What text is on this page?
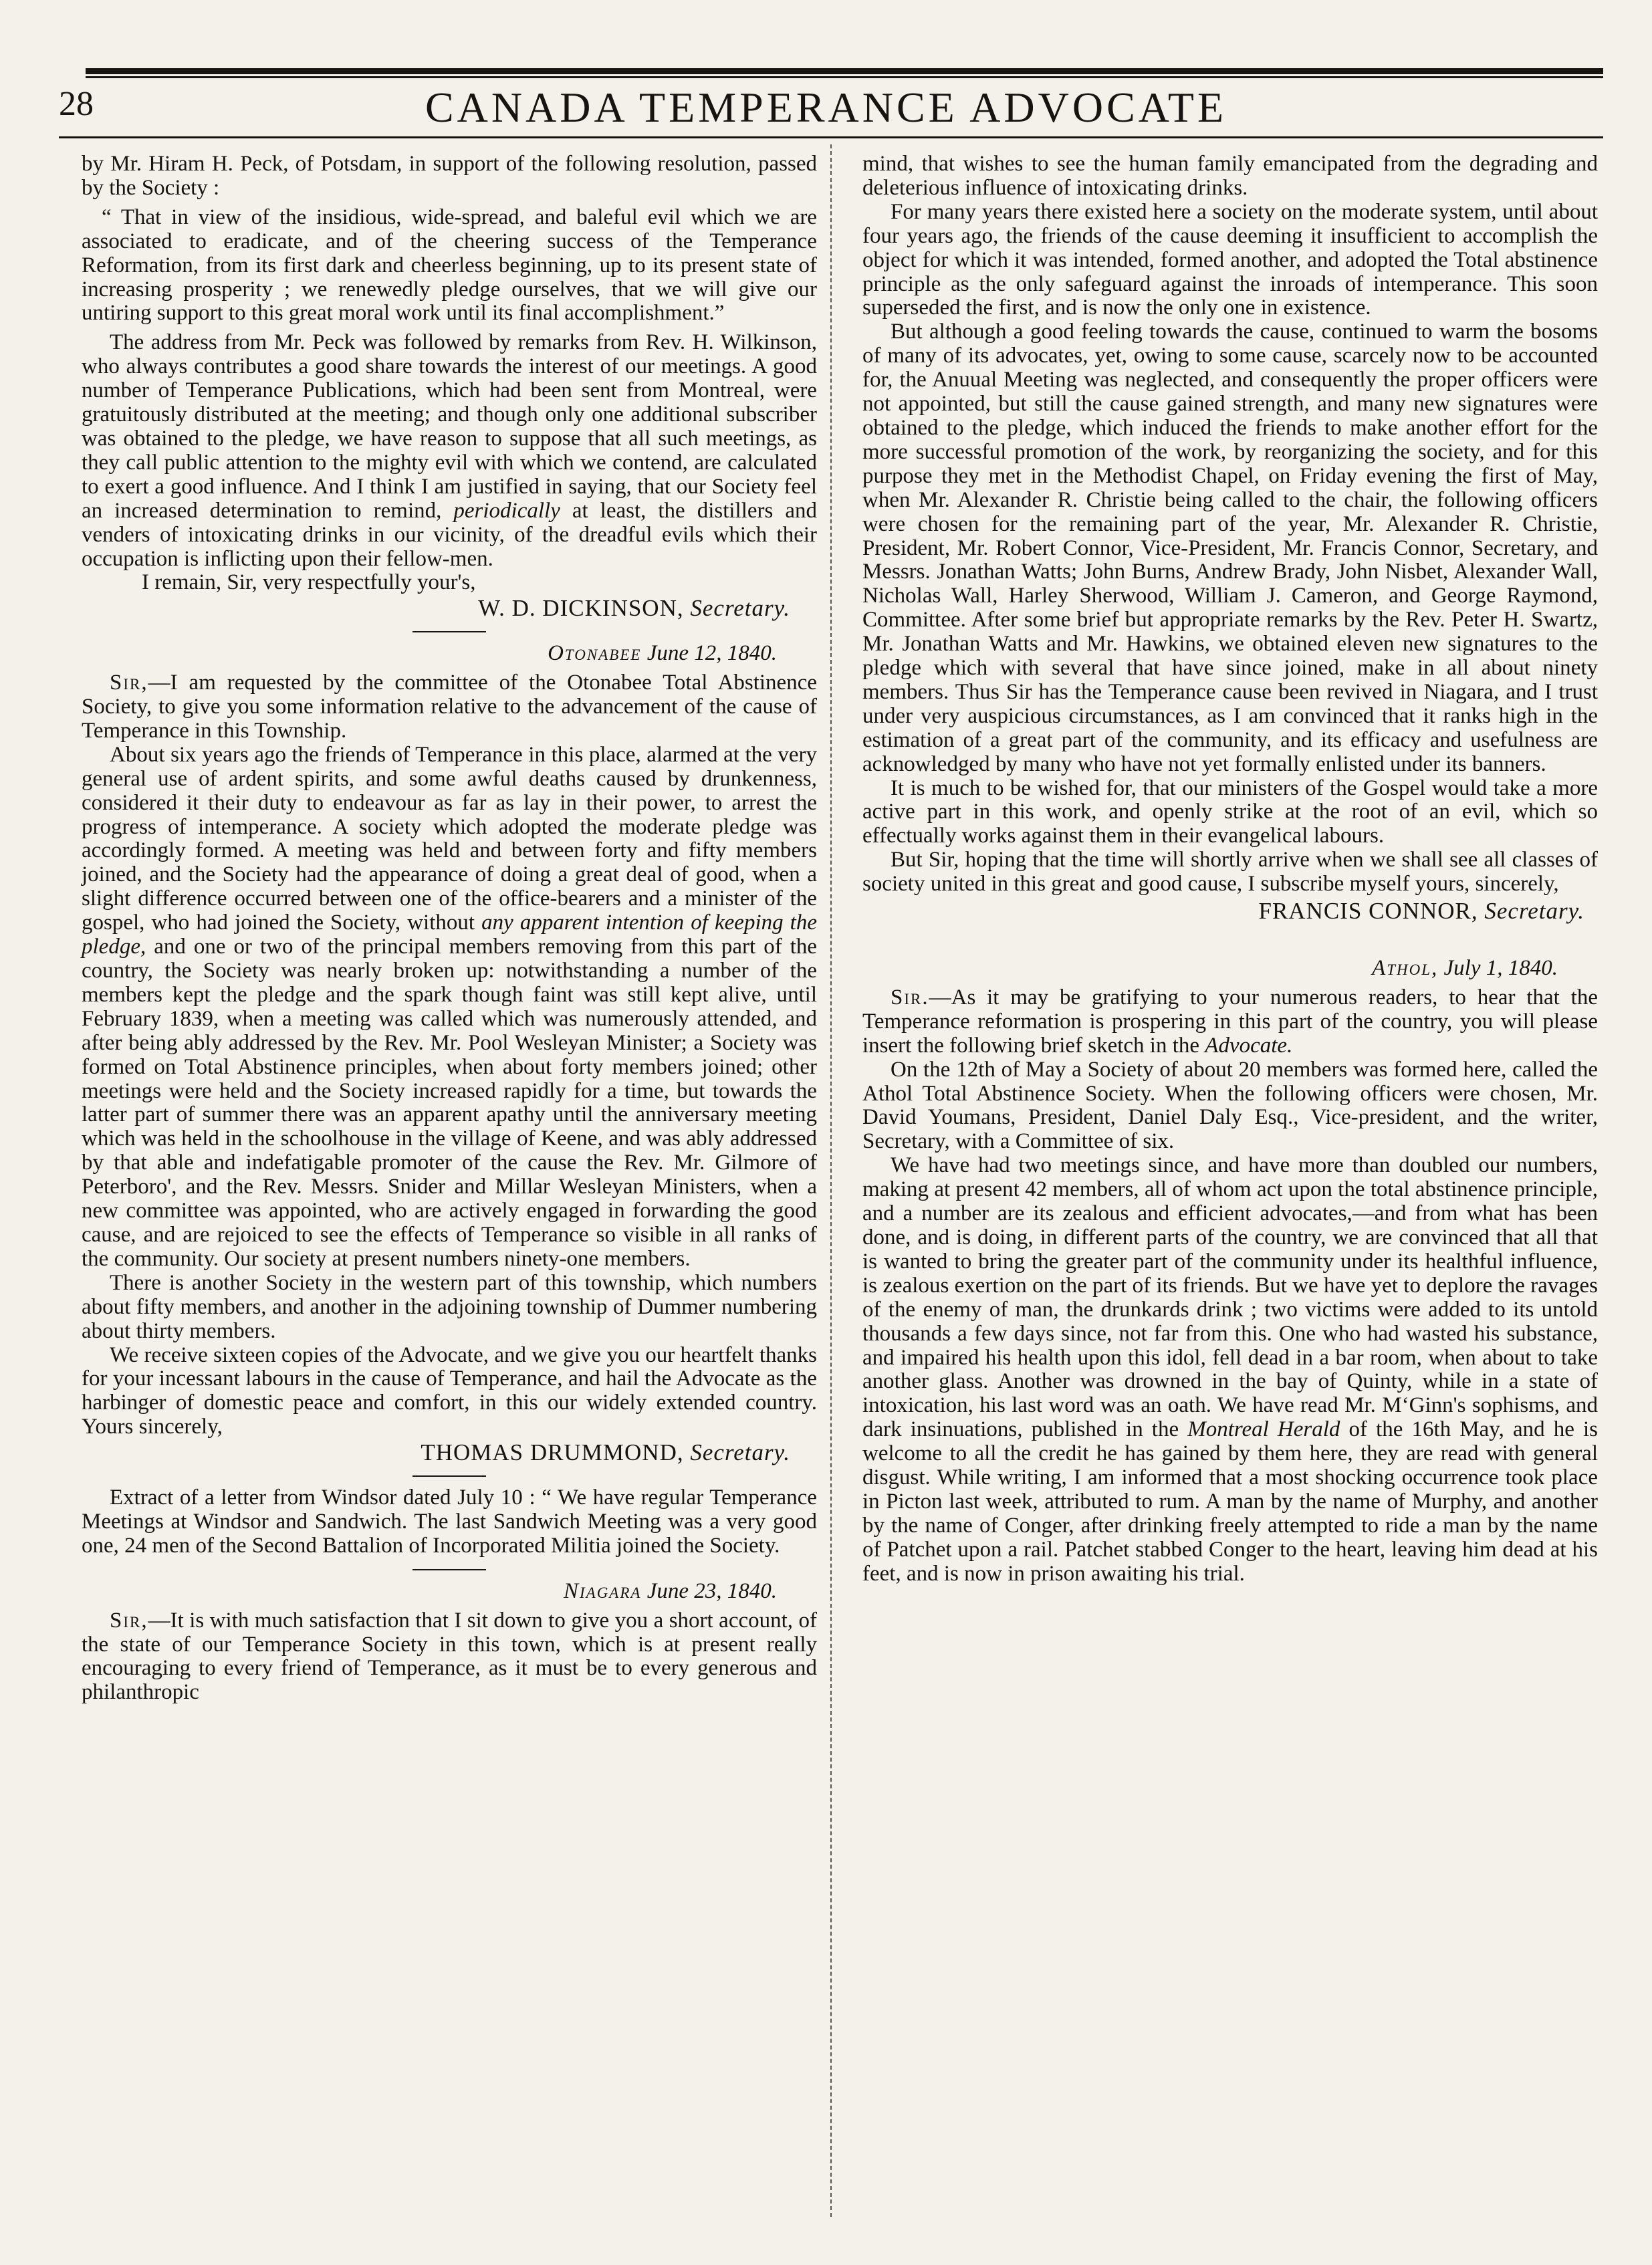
28	CANADA TEMPERANCE ADVOCATE

by Mr. Hiram H. Peck, of Potsdam, in support of the following resolution, passed by the Society :

“ That in view of the insidious, wide-spread, and baleful evil which we are associated to eradicate, and of the cheering success of the Temperance Reformation, from its first dark and cheerless beginning, up to its present state of increasing prosperity ; we renewedly pledge ourselves, that we will give our untiring support to this great moral work until its final accomplishment.”

The address from Mr. Peck was followed by remarks from Rev. H. Wilkinson, who always contributes a good share towards the interest of our meetings. A good number of Temperance Publications, which had been sent from Montreal, were gratuitously distributed at the meeting; and though only one additional subscriber was obtained to the pledge, we have reason to suppose that all such meetings, as they call public attention to the mighty evil with which we contend, are calculated to exert a good influence. And I think I am justified in saying, that our Society feel an increased determination to remind, periodically at least, the distillers and venders of intoxicating drinks in our vicinity, of the dreadful evils which their occupation is inflicting upon their fellow-men.

I remain, Sir, very respectfully your's,

W. D. DICKINSON, Secretary.
Otonabee June 12, 1840.

Sir,—I am requested by the committee of the Otonabee Total Abstinence Society, to give you some information relative to the advancement of the cause of Temperance in this Township.

About six years ago the friends of Temperance in this place, alarmed at the very general use of ardent spirits, and some awful deaths caused by drunkenness, considered it their duty to endeavour as far as lay in their power, to arrest the progress of intemperance. A society which adopted the moderate pledge was accordingly formed. A meeting was held and between forty and fifty members joined, and the Society had the appearance of doing a great deal of good, when a slight difference occurred between one of the office-bearers and a minister of the gospel, who had joined the Society, without any apparent intention of keeping the pledge, and one or two of the principal members removing from this part of the country, the Society was nearly broken up: notwithstanding a number of the members kept the pledge and the spark though faint was still kept alive, until February 1839, when a meeting was called which was numerously attended, and after being ably addressed by the Rev. Mr. Pool Wesleyan Minister; a Society was formed on Total Abstinence principles, when about forty members joined; other meetings were held and the Society increased rapidly for a time, but towards the latter part of summer there was an apparent apathy until the anniversary meeting which was held in the schoolhouse in the village of Keene, and was ably addressed by that able and indefatigable promoter of the cause the Rev. Mr. Gilmore of Peterboro', and the Rev. Messrs. Snider and Millar Wesleyan Ministers, when a new committee was appointed, who are actively engaged in forwarding the good cause, and are rejoiced to see the effects of Temperance so visible in all ranks of the community. Our society at present numbers ninety-one members.

There is another Society in the western part of this township, which numbers about fifty members, and another in the adjoining township of Dummer numbering about thirty members.

We receive sixteen copies of the Advocate, and we give you our heartfelt thanks for your incessant labours in the cause of Temperance, and hail the Advocate as the harbinger of domestic peace and comfort, in this our widely extended country. Yours sincerely,

THOMAS DRUMMOND, Secretary.

Extract of a letter from Windsor dated July 10 : “ We have regular Temperance Meetings at Windsor and Sandwich. The last Sandwich Meeting was a very good one, 24 men of the Second Battalion of Incorporated Militia joined the Society.

Niagara June 23, 1840.

Sir,—It is with much satisfaction that I sit down to give you a short account, of the state of our Temperance Society in this town, which is at present really encouraging to every friend of Temperance, as it must be to every generous and philanthropic

mind, that wishes to see the human family emancipated from the degrading and deleterious influence of intoxicating drinks.

For many years there existed here a society on the moderate system, until about four years ago, the friends of the cause deeming it insufficient to accomplish the object for which it was intended, formed another, and adopted the Total abstinence principle as the only safeguard against the inroads of intemperance. This soon superseded the first, and is now the only one in existence.

But although a good feeling towards the cause, continued to warm the bosoms of many of its advocates, yet, owing to some cause, scarcely now to be accounted for, the Anuual Meeting was neglected, and consequently the proper officers were not appointed, but still the cause gained strength, and many new signatures were obtained to the pledge, which induced the friends to make another effort for the more successful promotion of the work, by reorganizing the society, and for this purpose they met in the Methodist Chapel, on Friday evening the first of May, when Mr. Alexander R. Christie being called to the chair, the following officers were chosen for the remaining part of the year, Mr. Alexander R. Christie, President, Mr. Robert Connor, Vice-President, Mr. Francis Connor, Secretary, and Messrs. Jonathan Watts; John Burns, Andrew Brady, John Nisbet, Alexander Wall, Nicholas Wall, Harley Sherwood, William J. Cameron, and George Raymond, Committee. After some brief but appropriate remarks by the Rev. Peter H. Swartz, Mr. Jonathan Watts and Mr. Hawkins, we obtained eleven new signatures to the pledge which with several that have since joined, make in all about ninety members. Thus Sir has the Temperance cause been revived in Niagara, and I trust under very auspicious circumstances, as I am convinced that it ranks high in the estimation of a great part of the community, and its efficacy and usefulness are acknowledged by many who have not yet formally enlisted under its banners.

It is much to be wished for, that our ministers of the Gospel would take a more active part in this work, and openly strike at the root of an evil, which so effectually works against them in their evangelical labours.

But Sir, hoping that the time will shortly arrive when we shall see all classes of society united in this great and good cause, I subscribe myself yours, sincerely,

FRANCIS CONNOR, Secretary.
Athol, July 1, 1840.

Sir.—As it may be gratifying to your numerous readers, to hear that the Temperance reformation is prospering in this part of the country, you will please insert the following brief sketch in the Advocate.

On the 12th of May a Society of about 20 members was formed here, called the Athol Total Abstinence Society. When the following officers were chosen, Mr. David Youmans, President, Daniel Daly Esq., Vice-president, and the writer, Secretary, with a Committee of six.

We have had two meetings since, and have more than doubled our numbers, making at present 42 members, all of whom act upon the total abstinence principle, and a number are its zealous and efficient advocates,—and from what has been done, and is doing, in different parts of the country, we are convinced that all that is wanted to bring the greater part of the community under its healthful influence, is zealous exertion on the part of its friends. But we have yet to deplore the ravages of the enemy of man, the drunkards drink ; two victims were added to its untold thousands a few days since, not far from this. One who had wasted his substance, and impaired his health upon this idol, fell dead in a bar room, when about to take another glass. Another was drowned in the bay of Quinty, while in a state of intoxication, his last word was an oath. We have read Mr. M‘Ginn's sophisms, and dark insinuations, published in the Montreal Herald of the 16th May, and he is welcome to all the credit he has gained by them here, they are read with general disgust. While writing, I am informed that a most shocking occurrence took place in Picton last week, attributed to rum. A man by the name of Murphy, and another by the name of Conger, after drinking freely attempted to ride a man by the name of Patchet upon a rail. Patchet stabbed Conger to the heart, leaving him dead at his feet, and is now in prison awaiting his trial.
